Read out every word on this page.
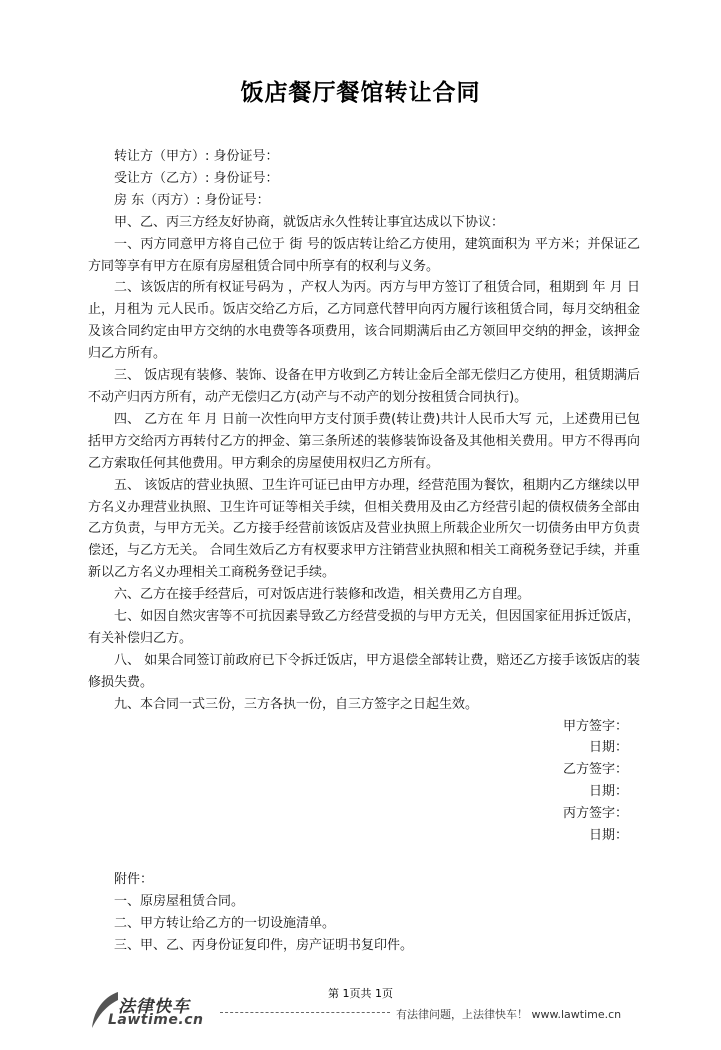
饭店餐厅餐馆转让合同

转让方（甲方）: 身份证号：

受让方（乙方）: 身份证号：

房 东（丙方）: 身份证号：

甲、乙、丙三方经友好协商，就饭店永久性转让事宜达成以下协议：

一、丙方同意甲方将自己位于 街 号的饭店转让给乙方使用，建筑面积为 平方米；并保证乙方同等享有甲方在原有房屋租赁合同中所享有的权利与义务。

二、该饭店的所有权证号码为 ，产权人为丙。丙方与甲方签订了租赁合同，租期到 年 月 日止，月租为 元人民币。饭店交给乙方后，乙方同意代替甲向丙方履行该租赁合同，每月交纳租金及该合同约定由甲方交纳的水电费等各项费用，该合同期满后由乙方领回甲交纳的押金，该押金归乙方所有。

三、 饭店现有装修、装饰、设备在甲方收到乙方转让金后全部无偿归乙方使用，租赁期满后不动产归丙方所有，动产无偿归乙方(动产与不动产的划分按租赁合同执行)。

四、 乙方在 年 月 日前一次性向甲方支付顶手费(转让费)共计人民币大写 元，上述费用已包括甲方交给丙方再转付乙方的押金、第三条所述的装修装饰设备及其他相关费用。甲方不得再向乙方索取任何其他费用。甲方剩余的房屋使用权归乙方所有。

五、 该饭店的营业执照、卫生许可证已由甲方办理，经营范围为餐饮，租期内乙方继续以甲方名义办理营业执照、卫生许可证等相关手续，但相关费用及由乙方经营引起的债权债务全部由乙方负责，与甲方无关。乙方接手经营前该饭店及营业执照上所载企业所欠一切债务由甲方负责偿还，与乙方无关。 合同生效后乙方有权要求甲方注销营业执照和相关工商税务登记手续，并重新以乙方名义办理相关工商税务登记手续。

六、乙方在接手经营后，可对饭店进行装修和改造，相关费用乙方自理。

七、如因自然灾害等不可抗因素导致乙方经营受损的与甲方无关，但因国家征用拆迁饭店，有关补偿归乙方。

八、 如果合同签订前政府已下令拆迁饭店，甲方退偿全部转让费，赔还乙方接手该饭店的装修损失费。

九、本合同一式三份，三方各执一份，自三方签字之日起生效。

甲方签字：

日期：

乙方签字：

日期：

丙方签字：

日期：

附件：

一、原房屋租赁合同。

二、甲方转让给乙方的一切设施清单。

三、甲、乙、丙身份证复印件，房产证明书复印件。

法律快车
Lawtime.cn
第 1页共 1页
有法律问题，上法律快车！ www.lawtime.cn
